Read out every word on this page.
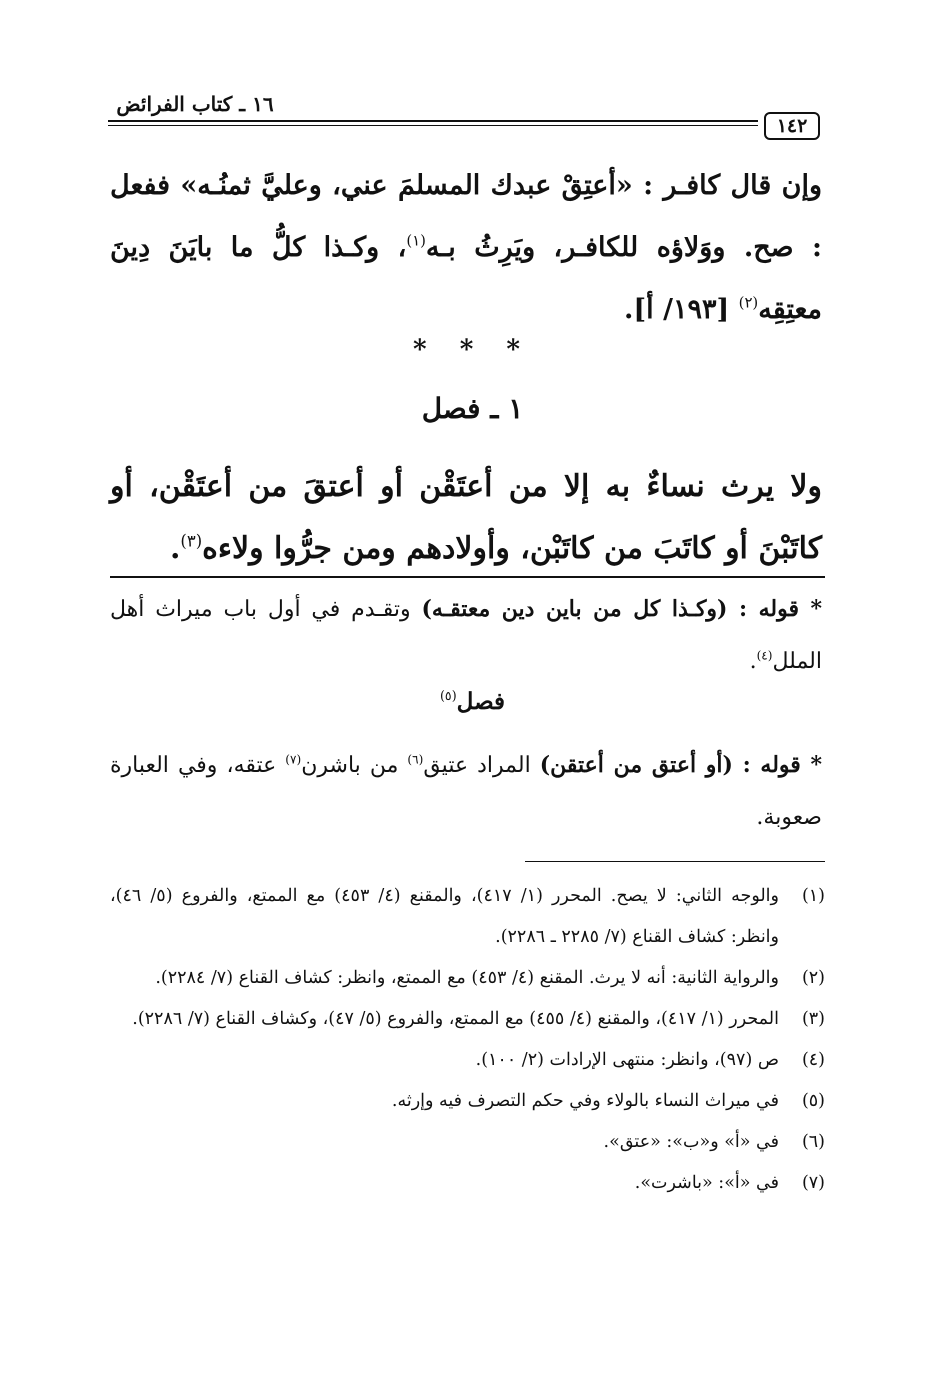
١٦ ـ كتاب الفرائض
١٤٢
وإن قال كافـر : «أعتِقْ عبدك المسلمَ عني، وعليَّ ثمنُـه» ففعل : صح. ووَلاؤه للكافـر، ويَرِثُ بـه$^{(١)}$، وكـذا كلُّ ما بايَنَ دِينَ معتِقِه$^{(٢)}$ [١٩٣/ أ].
* * *
١ ـ فصل
ولا يرث نساءٌ به إلا من أعتَقْن أو أعتقَ من أعتَقْن، أو كاتَبْنَ أو كاتَبَ من كاتَبْن، وأولادهم ومن جرُّوا ولاءه$^{(٣)}$.
* قوله : (وكـذا كل من باين دين معتقـه) وتقـدم في أول باب ميراث أهل الملل$^{(٤)}$.
فصل$^{(٥)}$
* قوله : (أو أعتق من أعتقن) المراد عتيق$^{(٦)}$ من باشرن$^{(٧)}$ عتقه، وفي العبارة صعوبة.
(١)
والوجه الثاني: لا يصح. المحرر (١/ ٤١٧)، والمقنع (٤/ ٤٥٣) مع الممتع، والفروع (٥/ ٤٦)، وانظر: كشاف القناع (٧/ ٢٢٨٥ ـ ٢٢٨٦).
(٢)
والرواية الثانية: أنه لا يرث. المقنع (٤/ ٤٥٣) مع الممتع، وانظر: كشاف القناع (٧/ ٢٢٨٤).
(٣)
المحرر (١/ ٤١٧)، والمقنع (٤/ ٤٥٥) مع الممتع، والفروع (٥/ ٤٧)، وكشاف القناع (٧/ ٢٢٨٦).
(٤)
ص (٩٧)، وانظر: منتهى الإرادات (٢/ ١٠٠).
(٥)
في ميراث النساء بالولاء وفي حكم التصرف فيه وإرثه.
(٦)
في «أ» و«ب»: «عتق».
(٧)
في «أ»: «باشرت».
